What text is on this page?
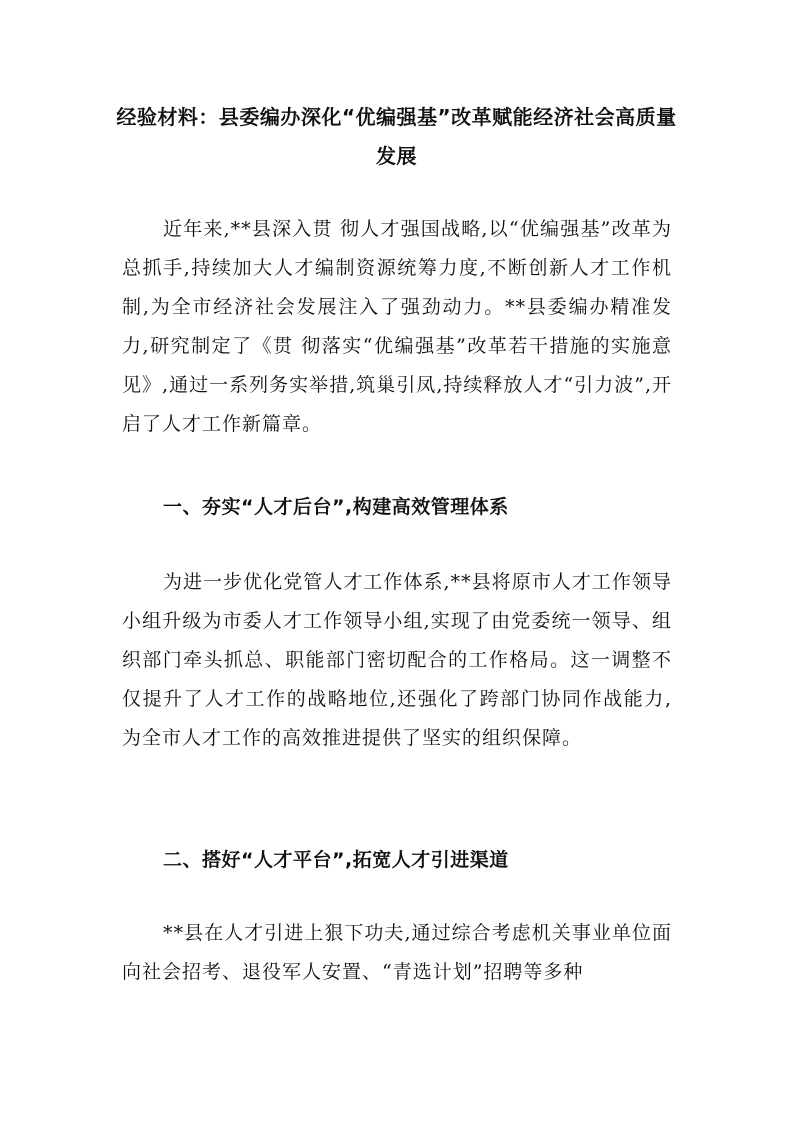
经验材料：县委编办深化“优编强基”改革赋能经济社会高质量发展

近年来,**县深入贯 彻人才强国战略,以“优编强基”改革为总抓手,持续加大人才编制资源统筹力度,不断创新人才工作机制,为全市经济社会发展注入了强劲动力。**县委编办精准发力,研究制定了《贯 彻落实“优编强基”改革若干措施的实施意见》,通过一系列务实举措,筑巢引凤,持续释放人才“引力波”,开启了人才工作新篇章。

一、夯实“人才后台”,构建高效管理体系

为进一步优化党管人才工作体系,**县将原市人才工作领导小组升级为市委人才工作领导小组,实现了由党委统一领导、组织部门牵头抓总、职能部门密切配合的工作格局。这一调整不仅提升了人才工作的战略地位,还强化了跨部门协同作战能力,为全市人才工作的高效推进提供了坚实的组织保障。

二、搭好“人才平台”,拓宽人才引进渠道

**县在人才引进上狠下功夫,通过综合考虑机关事业单位面向社会招考、退役军人安置、“青选计划”招聘等多种
